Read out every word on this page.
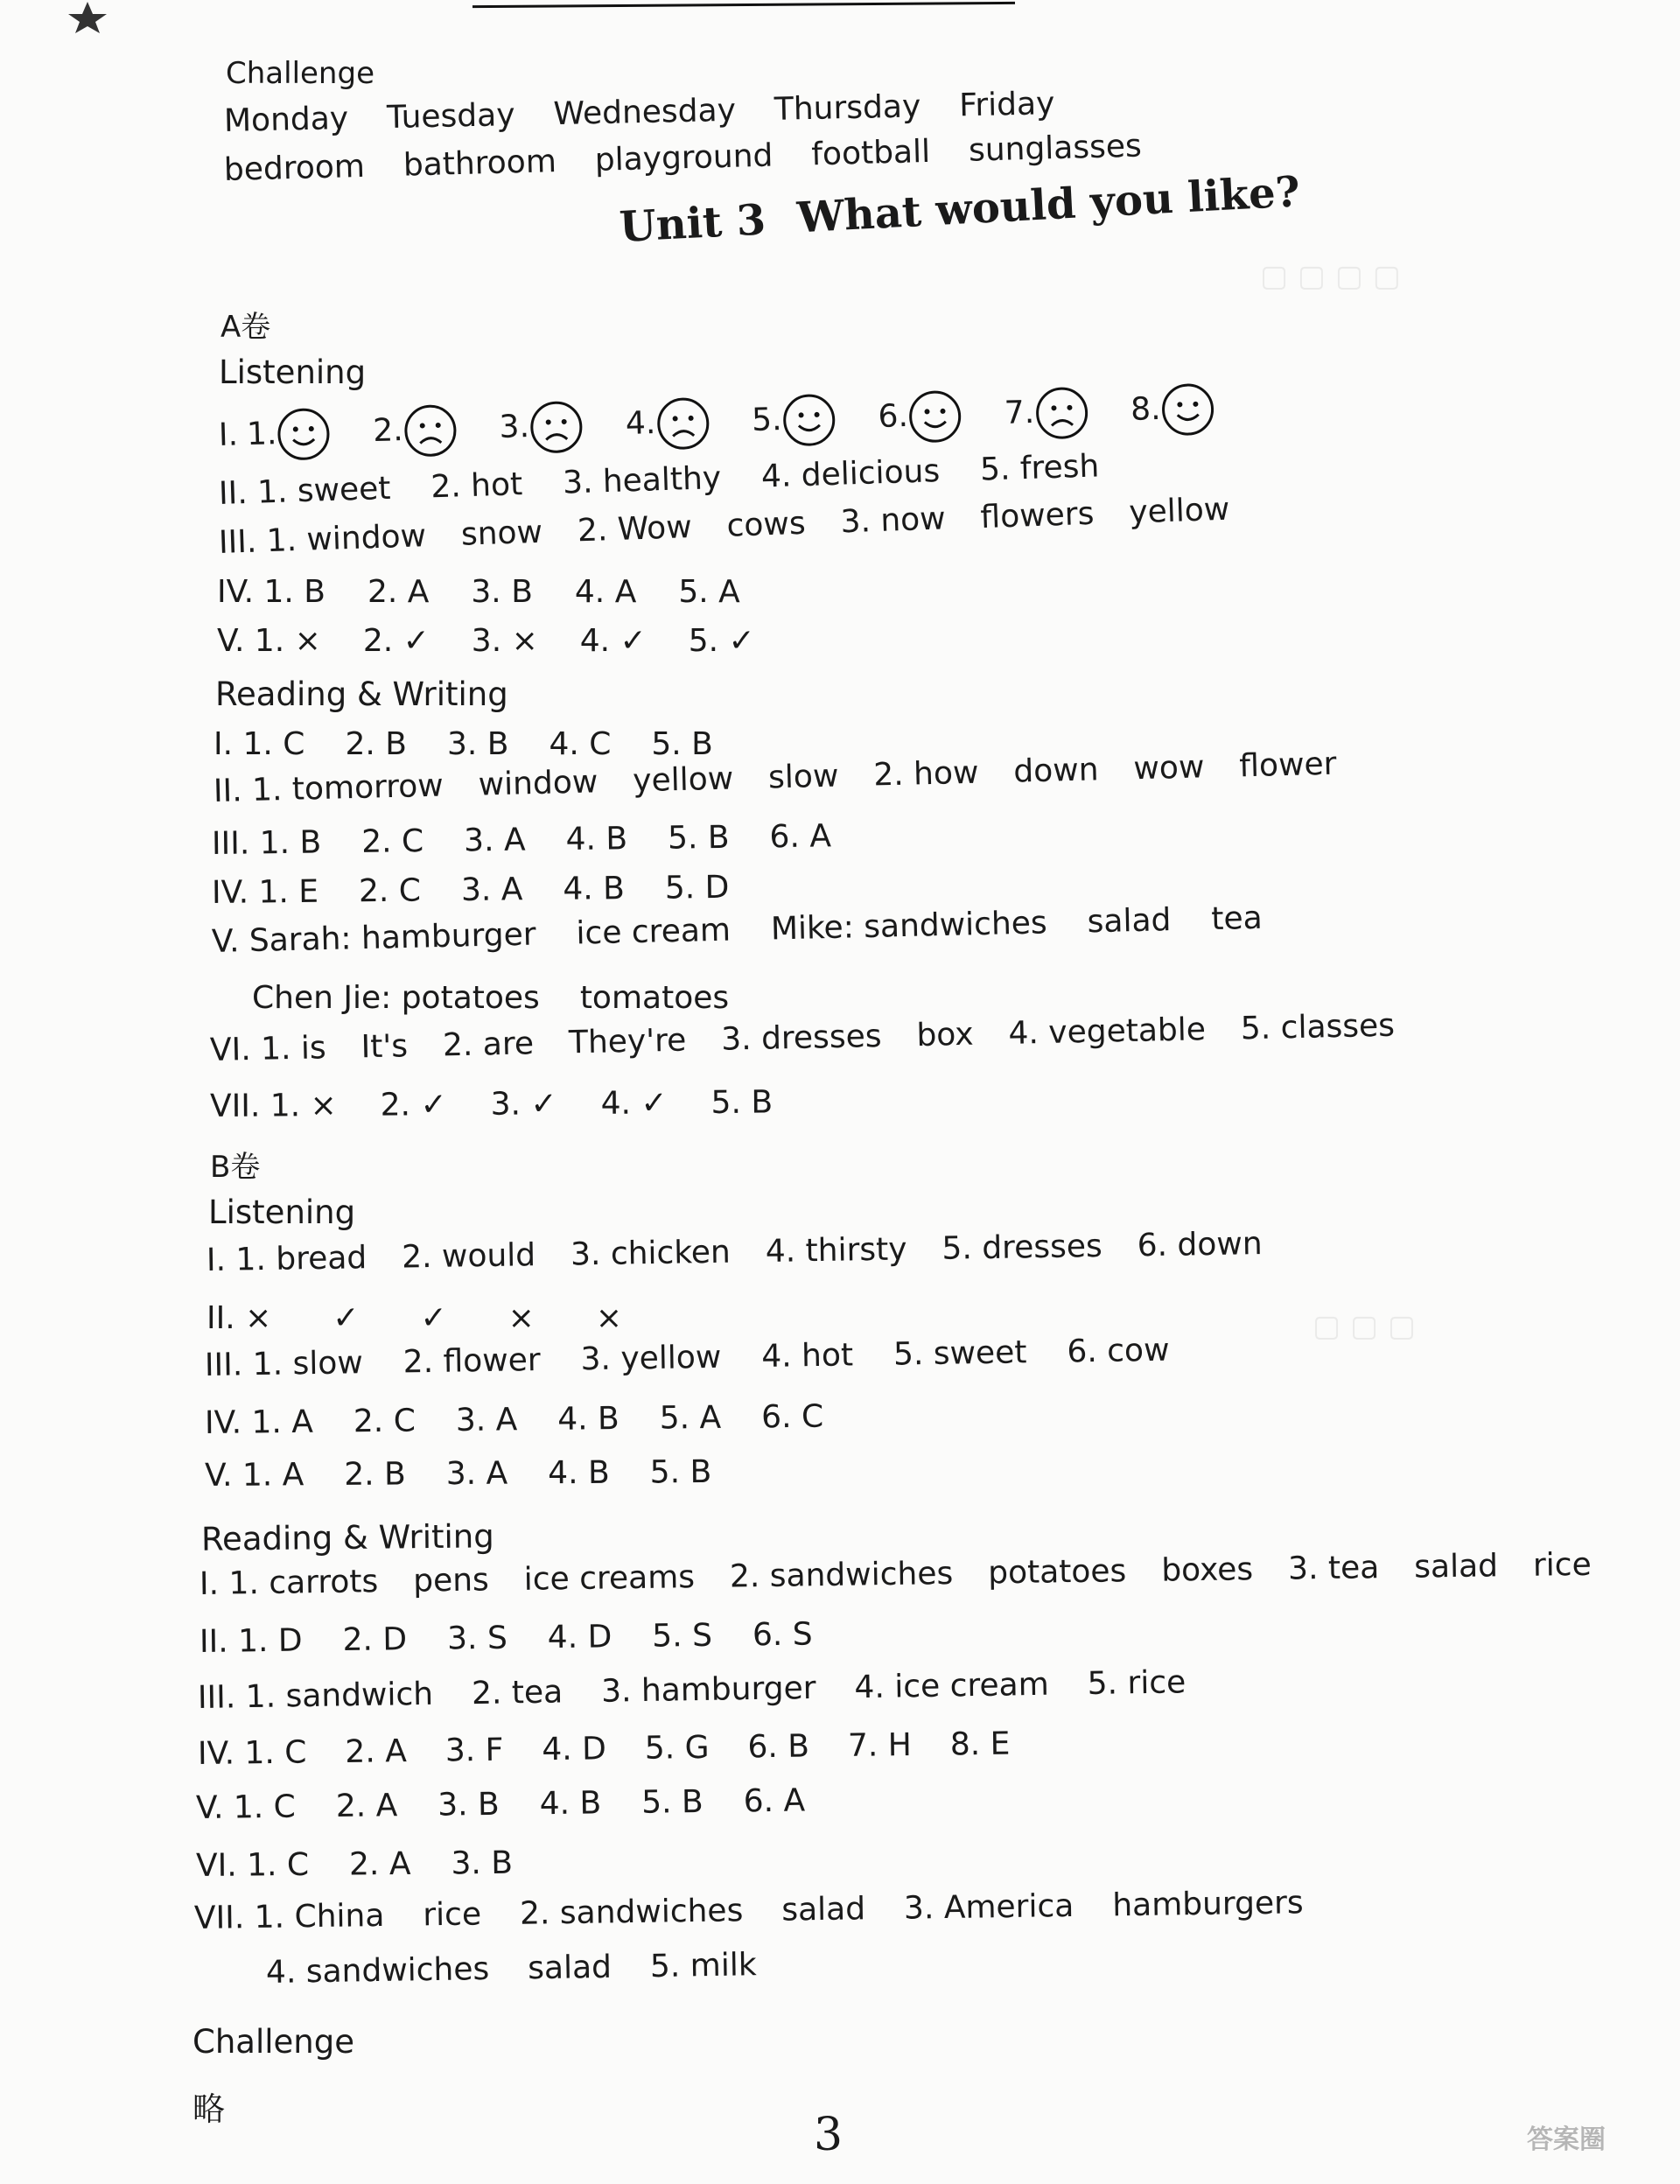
▢ ▢ ▢ ▢
▢ ▢ ▢
Challenge
Monday Tuesday Wednesday Thursday Friday
bedroom bathroom playground football sunglasses
Unit 3 What would you like?
A卷
Listening
I. 1.	2.	3.	4.	5.	6.	7.	8.
II. 1. sweet 2. hot 3. healthy 4. delicious 5. fresh
III. 1. window snow 2. Wow cows 3. now flowers yellow
IV. 1. B 2. A 3. B 4. A 5. A
V. 1. × 2. ✓ 3. × 4. ✓ 5. ✓
Reading & Writing
I. 1. C 2. B 3. B 4. C 5. B
II. 1. tomorrow window yellow slow 2. how down wow flower
III. 1. B 2. C 3. A 4. B 5. B 6. A
IV. 1. E 2. C 3. A 4. B 5. D
V. Sarah: hamburger ice cream Mike: sandwiches salad tea
Chen Jie: potatoes tomatoes
VI. 1. is It's 2. are They're 3. dresses box 4. vegetable 5. classes
VII. 1. × 2. ✓ 3. ✓ 4. ✓ 5. B
B卷
Listening
I. 1. bread 2. would 3. chicken 4. thirsty 5. dresses 6. down
II. × ✓ ✓ × ×
III. 1. slow 2. flower 3. yellow 4. hot 5. sweet 6. cow
IV. 1. A 2. C 3. A 4. B 5. A 6. C
V. 1. A 2. B 3. A 4. B 5. B
Reading & Writing
I. 1. carrots pens ice creams 2. sandwiches potatoes boxes 3. tea salad rice
II. 1. D 2. D 3. S 4. D 5. S 6. S
III. 1. sandwich 2. tea 3. hamburger 4. ice cream 5. rice
IV. 1. C 2. A 3. F 4. D 5. G 6. B 7. H 8. E
V. 1. C 2. A 3. B 4. B 5. B 6. A
VI. 1. C 2. A 3. B
VII. 1. China rice 2. sandwiches salad 3. America hamburgers
4. sandwiches salad 5. milk
Challenge
略	3	答案圈
